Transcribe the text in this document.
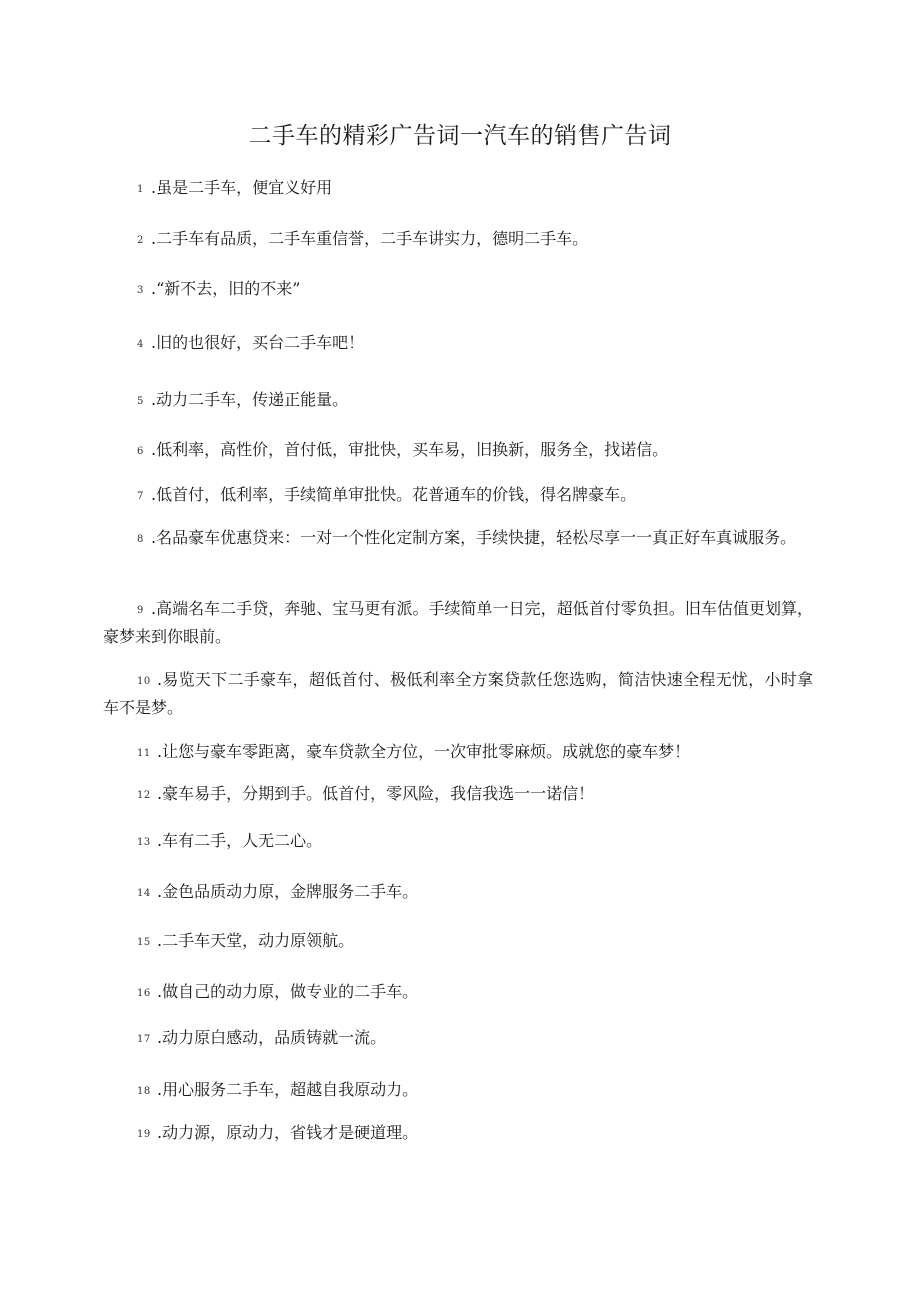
二手车的精彩广告词一汽车的销售广告词
1 .虽是二手车，便宜义好用
2 .二手车有品质，二手车重信誉，二手车讲实力，德明二手车。
3 .“新不去，旧的不来”
4 .旧的也很好，买台二手车吧！
5 .动力二手车，传递正能量。
6 .低利率，高性价，首付低，审批快，买车易，旧换新，服务全，找诺信。
7 .低首付，低利率，手续简单审批快。花普通车的价钱，得名牌豪车。
8 .名品豪车优惠贷来：一对一个性化定制方案，手续快捷，轻松尽享一一真正好车真诚服务。
9 .高端名车二手贷，奔驰、宝马更有派。手续简单一日完，超低首付零负担。旧车估值更划算，豪梦来到你眼前。
10 .易览天下二手豪车，超低首付、极低利率全方案贷款任您选购，简洁快速全程无忧，小时拿车不是梦。
11 .让您与豪车零距离，豪车贷款全方位，一次审批零麻烦。成就您的豪车梦！
12 .豪车易手，分期到手。低首付，零风险，我信我选一一诺信！
13 .车有二手，人无二心。
14 .金色品质动力原，金牌服务二手车。
15 .二手车天堂，动力原领航。
16 .做自己的动力原，做专业的二手车。
17 .动力原白感动，品质铸就一流。
18 .用心服务二手车，超越自我原动力。
19 .动力源，原动力，省钱才是硬道理。
